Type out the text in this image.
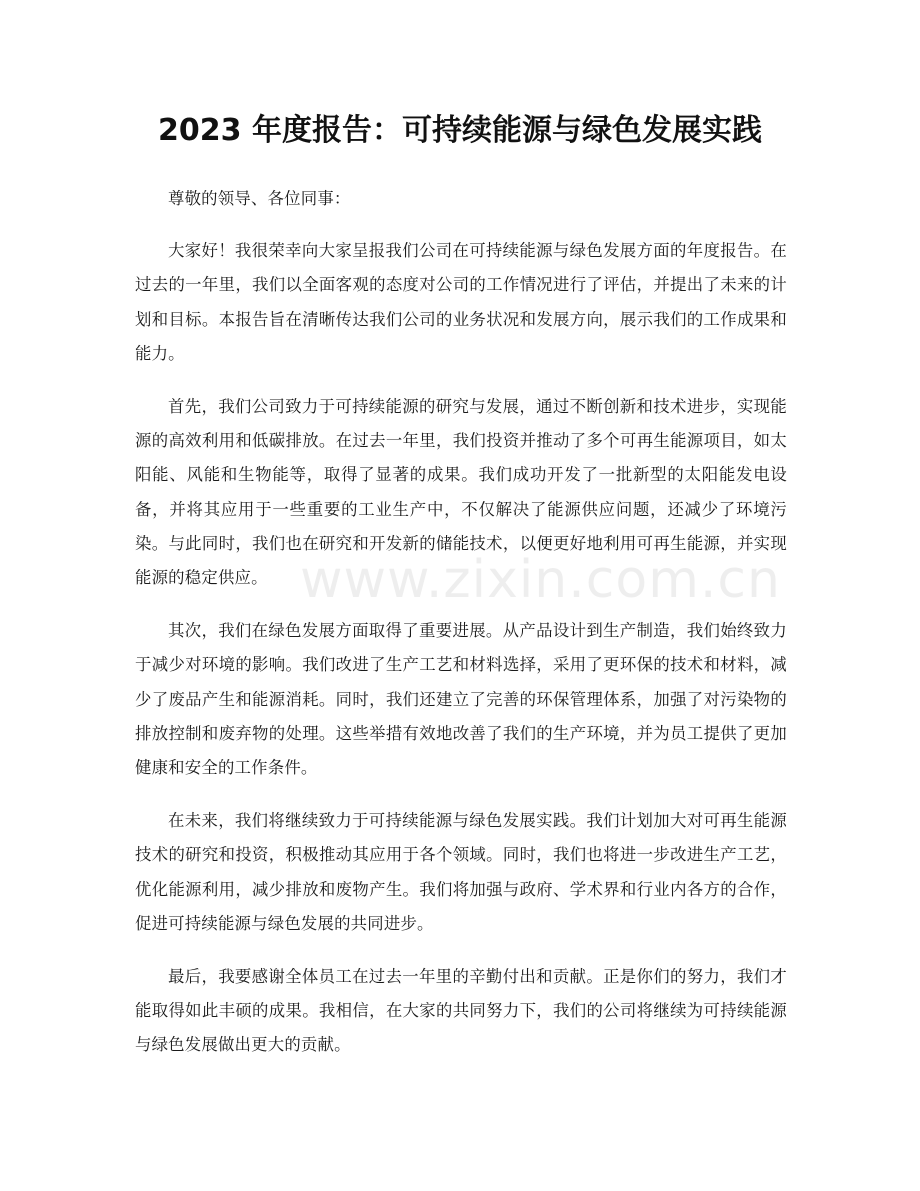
2023 年度报告：可持续能源与绿色发展实践

尊敬的领导、各位同事：

大家好！我很荣幸向大家呈报我们公司在可持续能源与绿色发展方面的年度报告。在过去的一年里，我们以全面客观的态度对公司的工作情况进行了评估，并提出了未来的计划和目标。本报告旨在清晰传达我们公司的业务状况和发展方向，展示我们的工作成果和能力。

首先，我们公司致力于可持续能源的研究与发展，通过不断创新和技术进步，实现能源的高效利用和低碳排放。在过去一年里，我们投资并推动了多个可再生能源项目，如太阳能、风能和生物能等，取得了显著的成果。我们成功开发了一批新型的太阳能发电设备，并将其应用于一些重要的工业生产中，不仅解决了能源供应问题，还减少了环境污染。与此同时，我们也在研究和开发新的储能技术，以便更好地利用可再生能源，并实现能源的稳定供应。

其次，我们在绿色发展方面取得了重要进展。从产品设计到生产制造，我们始终致力于减少对环境的影响。我们改进了生产工艺和材料选择，采用了更环保的技术和材料，减少了废品产生和能源消耗。同时，我们还建立了完善的环保管理体系，加强了对污染物的排放控制和废弃物的处理。这些举措有效地改善了我们的生产环境，并为员工提供了更加健康和安全的工作条件。

在未来，我们将继续致力于可持续能源与绿色发展实践。我们计划加大对可再生能源技术的研究和投资，积极推动其应用于各个领域。同时，我们也将进一步改进生产工艺，优化能源利用，减少排放和废物产生。我们将加强与政府、学术界和行业内各方的合作，促进可持续能源与绿色发展的共同进步。

最后，我要感谢全体员工在过去一年里的辛勤付出和贡献。正是你们的努力，我们才能取得如此丰硕的成果。我相信，在大家的共同努力下，我们的公司将继续为可持续能源与绿色发展做出更大的贡献。

www.zixin.com.cn
